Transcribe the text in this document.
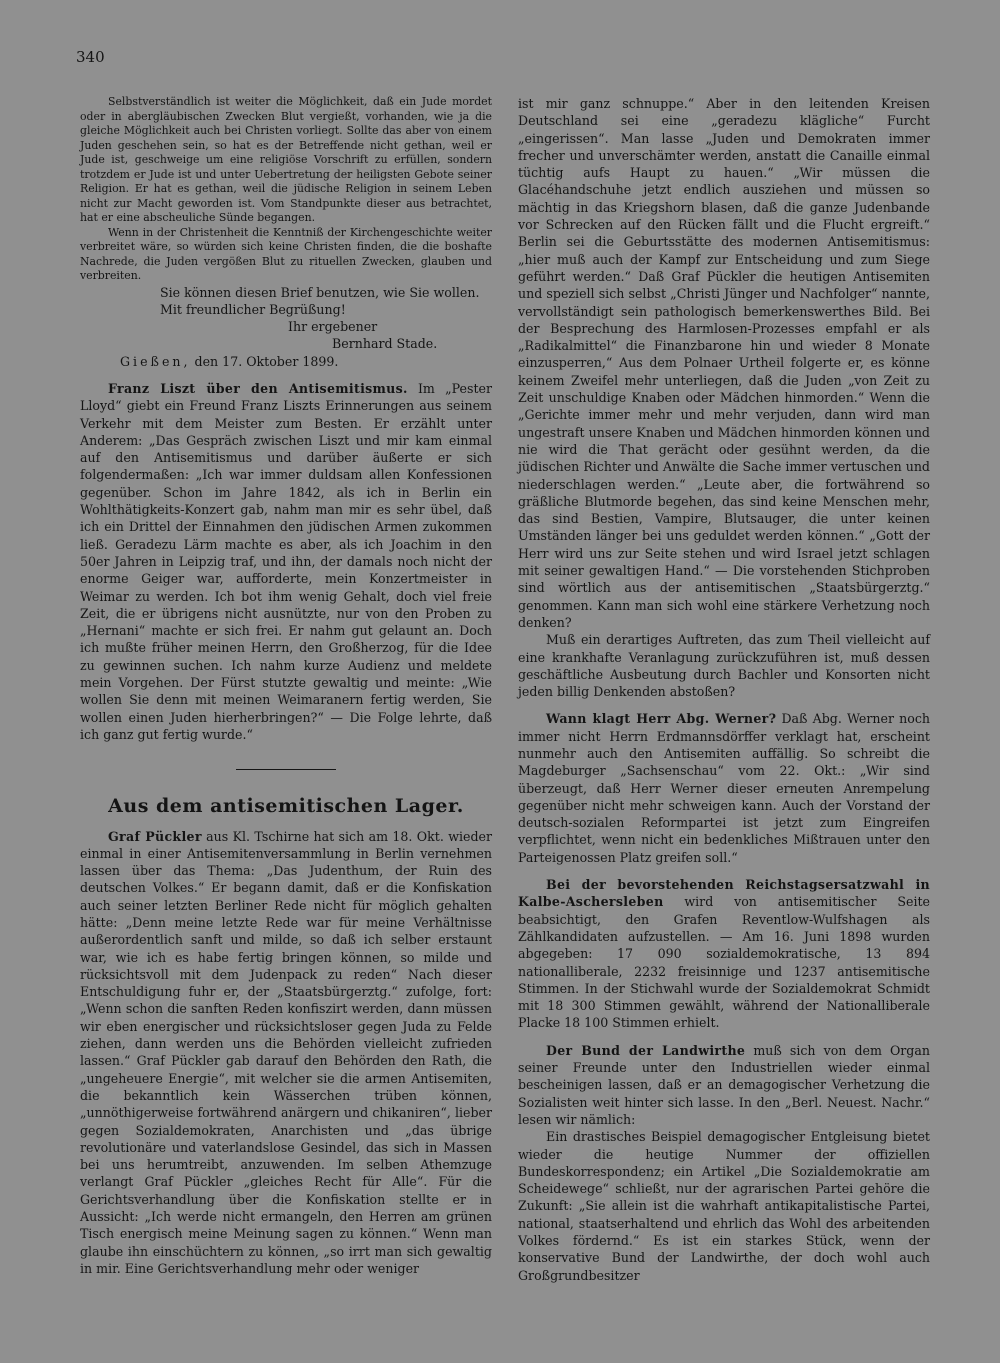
340

Selbstverständlich ist weiter die Möglichkeit, daß ein Jude mordet oder in abergläubischen Zwecken Blut vergießt, vorhanden, wie ja die gleiche Möglichkeit auch bei Christen vorliegt. Sollte das aber von einem Juden geschehen sein, so hat es der Betreffende nicht gethan, weil er Jude ist, geschweige um eine religiöse Vorschrift zu erfüllen, sondern trotzdem er Jude ist und unter Uebertretung der heiligsten Gebote seiner Religion. Er hat es gethan, weil die jüdische Religion in seinem Leben nicht zur Macht geworden ist. Vom Standpunkte dieser aus betrachtet, hat er eine abscheuliche Sünde begangen.

Wenn in der Christenheit die Kenntniß der Kirchengeschichte weiter verbreitet wäre, so würden sich keine Christen finden, die die boshafte Nachrede, die Juden vergößen Blut zu rituellen Zwecken, glauben und verbreiten.

Sie können diesen Brief benutzen, wie Sie wollen.

Mit freundlicher Begrüßung!

Ihr ergebener

Bernhard Stade.

Gießen, den 17. Oktober 1899.

Franz Liszt über den Antisemitismus. Im „Pester Lloyd“ giebt ein Freund Franz Liszts Erinnerungen aus seinem Verkehr mit dem Meister zum Besten. Er erzählt unter Anderem: „Das Gespräch zwischen Liszt und mir kam einmal auf den Antisemitismus und darüber äußerte er sich folgendermaßen: „Ich war immer duldsam allen Konfessionen gegenüber. Schon im Jahre 1842, als ich in Berlin ein Wohlthätigkeits-Konzert gab, nahm man mir es sehr übel, daß ich ein Drittel der Einnahmen den jüdischen Armen zukommen ließ. Geradezu Lärm machte es aber, als ich Joachim in den 50er Jahren in Leipzig traf, und ihn, der damals noch nicht der enorme Geiger war, aufforderte, mein Konzertmeister in Weimar zu werden. Ich bot ihm wenig Gehalt, doch viel freie Zeit, die er übrigens nicht ausnützte, nur von den Proben zu „Hernani“ machte er sich frei. Er nahm gut gelaunt an. Doch ich mußte früher meinen Herrn, den Großherzog, für die Idee zu gewinnen suchen. Ich nahm kurze Audienz und meldete mein Vorgehen. Der Fürst stutzte gewaltig und meinte: „Wie wollen Sie denn mit meinen Weimaranern fertig werden, Sie wollen einen Juden hierherbringen?“ — Die Folge lehrte, daß ich ganz gut fertig wurde.“

Aus dem antisemitischen Lager.

Graf Pückler aus Kl. Tschirne hat sich am 18. Okt. wieder einmal in einer Antisemitenversammlung in Berlin vernehmen lassen über das Thema: „Das Judenthum, der Ruin des deutschen Volkes.“ Er begann damit, daß er die Konfiskation auch seiner letzten Berliner Rede nicht für möglich gehalten hätte: „Denn meine letzte Rede war für meine Verhältnisse außerordentlich sanft und milde, so daß ich selber erstaunt war, wie ich es habe fertig bringen können, so milde und rücksichtsvoll mit dem Judenpack zu reden“ Nach dieser Entschuldigung fuhr er, der „Staatsbürgerztg.“ zufolge, fort: „Wenn schon die sanften Reden konfiszirt werden, dann müssen wir eben energischer und rücksichtsloser gegen Juda zu Felde ziehen, dann werden uns die Behörden vielleicht zufrieden lassen.“ Graf Pückler gab darauf den Behörden den Rath, die „ungeheuere Energie“, mit welcher sie die armen Antisemiten, die bekanntlich kein Wässerchen trüben können, „unnöthigerweise fortwährend anärgern und chikaniren“, lieber gegen Sozialdemokraten, Anarchisten und „das übrige revolutionäre und vaterlandslose Gesindel, das sich in Massen bei uns herumtreibt, anzuwenden. Im selben Athemzuge verlangt Graf Pückler „gleiches Recht für Alle“. Für die Gerichtsverhandlung über die Konfiskation stellte er in Aussicht: „Ich werde nicht ermangeln, den Herren am grünen Tisch energisch meine Meinung sagen zu können.“ Wenn man glaube ihn einschüchtern zu können, „so irrt man sich gewaltig in mir. Eine Gerichtsverhandlung mehr oder weniger

ist mir ganz schnuppe.“ Aber in den leitenden Kreisen Deutschland sei eine „geradezu klägliche“ Furcht „eingerissen“. Man lasse „Juden und Demokraten immer frecher und unverschämter werden, anstatt die Canaille einmal tüchtig aufs Haupt zu hauen.“ „Wir müssen die Glacéhandschuhe jetzt endlich ausziehen und müssen so mächtig in das Kriegshorn blasen, daß die ganze Judenbande vor Schrecken auf den Rücken fällt und die Flucht ergreift.“ Berlin sei die Geburtsstätte des modernen Antisemitismus: „hier muß auch der Kampf zur Entscheidung und zum Siege geführt werden.“ Daß Graf Pückler die heutigen Antisemiten und speziell sich selbst „Christi Jünger und Nachfolger“ nannte, vervollständigt sein pathologisch bemerkenswerthes Bild. Bei der Besprechung des Harmlosen-Prozesses empfahl er als „Radikalmittel“ die Finanzbarone hin und wieder 8 Monate einzusperren,“ Aus dem Polnaer Urtheil folgerte er, es könne keinem Zweifel mehr unterliegen, daß die Juden „von Zeit zu Zeit unschuldige Knaben oder Mädchen hinmorden.“ Wenn die „Gerichte immer mehr und mehr verjuden, dann wird man ungestraft unsere Knaben und Mädchen hinmorden können und nie wird die That gerächt oder gesühnt werden, da die jüdischen Richter und Anwälte die Sache immer vertuschen und niederschlagen werden.“ „Leute aber, die fortwährend so gräßliche Blutmorde begehen, das sind keine Menschen mehr, das sind Bestien, Vampire, Blutsauger, die unter keinen Umständen länger bei uns geduldet werden können.“ „Gott der Herr wird uns zur Seite stehen und wird Israel jetzt schlagen mit seiner gewaltigen Hand.“ — Die vorstehenden Stichproben sind wörtlich aus der antisemitischen „Staatsbürgerztg.“ genommen. Kann man sich wohl eine stärkere Verhetzung noch denken?

Muß ein derartiges Auftreten, das zum Theil vielleicht auf eine krankhafte Veranlagung zurückzuführen ist, muß dessen geschäftliche Ausbeutung durch Bachler und Konsorten nicht jeden billig Denkenden abstoßen?

Wann klagt Herr Abg. Werner? Daß Abg. Werner noch immer nicht Herrn Erdmannsdörffer verklagt hat, erscheint nunmehr auch den Antisemiten auffällig. So schreibt die Magdeburger „Sachsenschau“ vom 22. Okt.: „Wir sind überzeugt, daß Herr Werner dieser erneuten Anrempelung gegenüber nicht mehr schweigen kann. Auch der Vorstand der deutsch-sozialen Reformpartei ist jetzt zum Eingreifen verpflichtet, wenn nicht ein bedenkliches Mißtrauen unter den Parteigenossen Platz greifen soll.“

Bei der bevorstehenden Reichstagsersatzwahl in Kalbe-Aschersleben wird von antisemitischer Seite beabsichtigt, den Grafen Reventlow-Wulfshagen als Zählkandidaten aufzustellen. — Am 16. Juni 1898 wurden abgegeben: 17 090 sozialdemokratische, 13 894 nationalliberale, 2232 freisinnige und 1237 antisemitische Stimmen. In der Stichwahl wurde der Sozialdemokrat Schmidt mit 18 300 Stimmen gewählt, während der Nationalliberale Placke 18 100 Stimmen erhielt.

Der Bund der Landwirthe muß sich von dem Organ seiner Freunde unter den Industriellen wieder einmal bescheinigen lassen, daß er an demagogischer Verhetzung die Sozialisten weit hinter sich lasse. In den „Berl. Neuest. Nachr.“ lesen wir nämlich:

Ein drastisches Beispiel demagogischer Entgleisung bietet wieder die heutige Nummer der offiziellen Bundeskorrespondenz; ein Artikel „Die Sozialdemokratie am Scheidewege“ schließt, nur der agrarischen Partei gehöre die Zukunft: „Sie allein ist die wahrhaft antikapitalistische Partei, national, staatserhaltend und ehrlich das Wohl des arbeitenden Volkes fördernd.“ Es ist ein starkes Stück, wenn der konservative Bund der Landwirthe, der doch wohl auch Großgrundbesitzer
